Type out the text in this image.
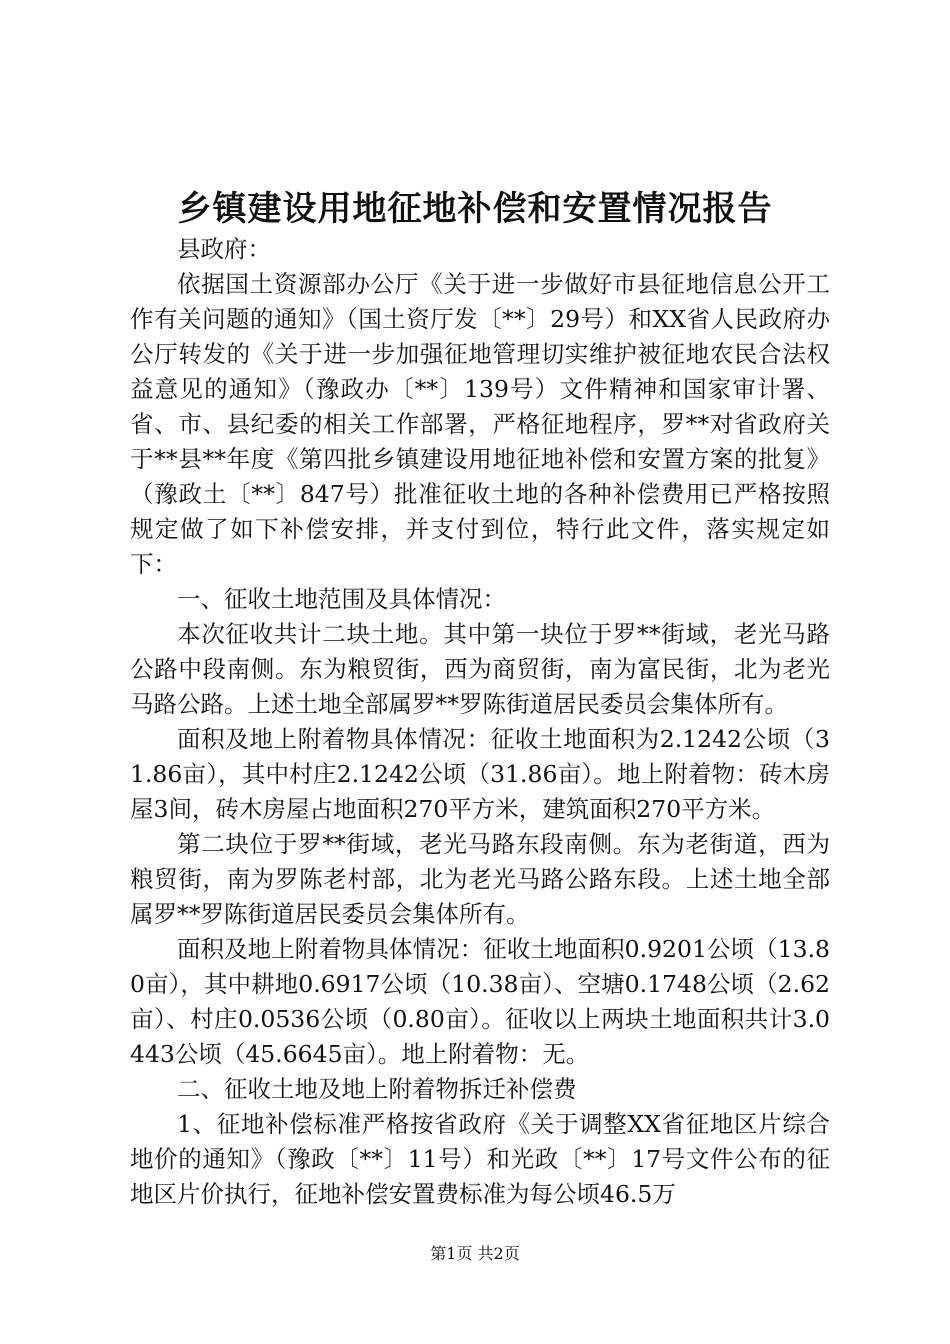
乡镇建设用地征地补偿和安置情况报告

县政府：

依据国土资源部办公厅《关于进一步做好市县征地信息公开工作有关问题的通知》（国土资厅发〔**〕29号）和XX省人民政府办公厅转发的《关于进一步加强征地管理切实维护被征地农民合法权益意见的通知》（豫政办〔**〕139号）文件精神和国家审计署、省、市、县纪委的相关工作部署，严格征地程序，罗**对省政府关于**县**年度《第四批乡镇建设用地征地补偿和安置方案的批复》（豫政土〔**〕847号）批准征收土地的各种补偿费用已严格按照规定做了如下补偿安排，并支付到位，特行此文件，落实规定如下：

一、征收土地范围及具体情况：

本次征收共计二块土地。其中第一块位于罗**街域，老光马路公路中段南侧。东为粮贸街，西为商贸街，南为富民街，北为老光马路公路。上述土地全部属罗**罗陈街道居民委员会集体所有。

面积及地上附着物具体情况：征收土地面积为2.1242公顷（31.86亩），其中村庄2.1242公顷（31.86亩）。地上附着物：砖木房屋3间，砖木房屋占地面积270平方米，建筑面积270平方米。

第二块位于罗**街域，老光马路东段南侧。东为老街道，西为粮贸街，南为罗陈老村部，北为老光马路公路东段。上述土地全部属罗**罗陈街道居民委员会集体所有。

面积及地上附着物具体情况：征收土地面积0.9201公顷（13.80亩），其中耕地0.6917公顷（10.38亩）、空塘0.1748公顷（2.62亩）、村庄0.0536公顷（0.80亩）。征收以上两块土地面积共计3.0443公顷（45.6645亩）。地上附着物：无。

二、征收土地及地上附着物拆迁补偿费

1、征地补偿标准严格按省政府《关于调整XX省征地区片综合地价的通知》（豫政〔**〕11号）和光政〔**〕17号文件公布的征地区片价执行，征地补偿安置费标准为每公顷46.5万

第1页 共2页
